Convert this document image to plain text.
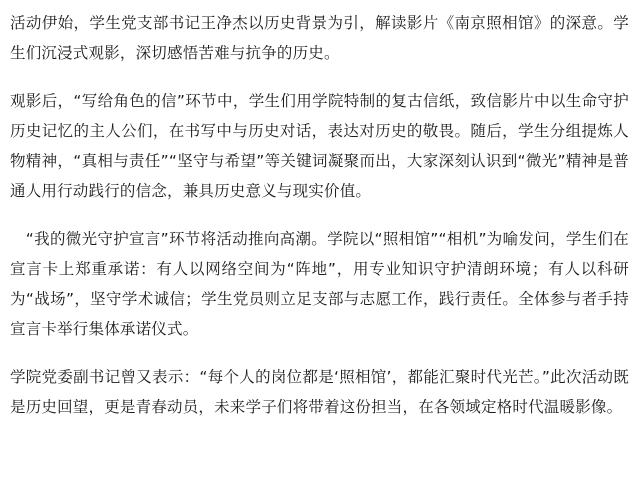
活动伊始，学生党支部书记王净杰以历史背景为引，解读影片《南京照相馆》的深意。学生们沉浸式观影，深切感悟苦难与抗争的历史。

观影后，“写给角色的信”环节中，学生们用学院特制的复古信纸，致信影片中以生命守护历史记忆的主人公们，在书写中与历史对话，表达对历史的敬畏。随后，学生分组提炼人物精神，“真相与责任”“坚守与希望”等关键词凝聚而出，大家深刻认识到“微光”精神是普通人用行动践行的信念，兼具历史意义与现实价值。

　“我的微光守护宣言”环节将活动推向高潮。学院以“照相馆”“相机”为喻发问，学生们在宣言卡上郑重承诺：有人以网络空间为“阵地”，用专业知识守护清朗环境；有人以科研为“战场”，坚守学术诚信；学生党员则立足支部与志愿工作，践行责任。全体参与者手持宣言卡举行集体承诺仪式。

学院党委副书记曾又表示：“每个人的岗位都是‘照相馆’，都能汇聚时代光芒。”此次活动既是历史回望，更是青春动员，未来学子们将带着这份担当，在各领域定格时代温暖影像。
